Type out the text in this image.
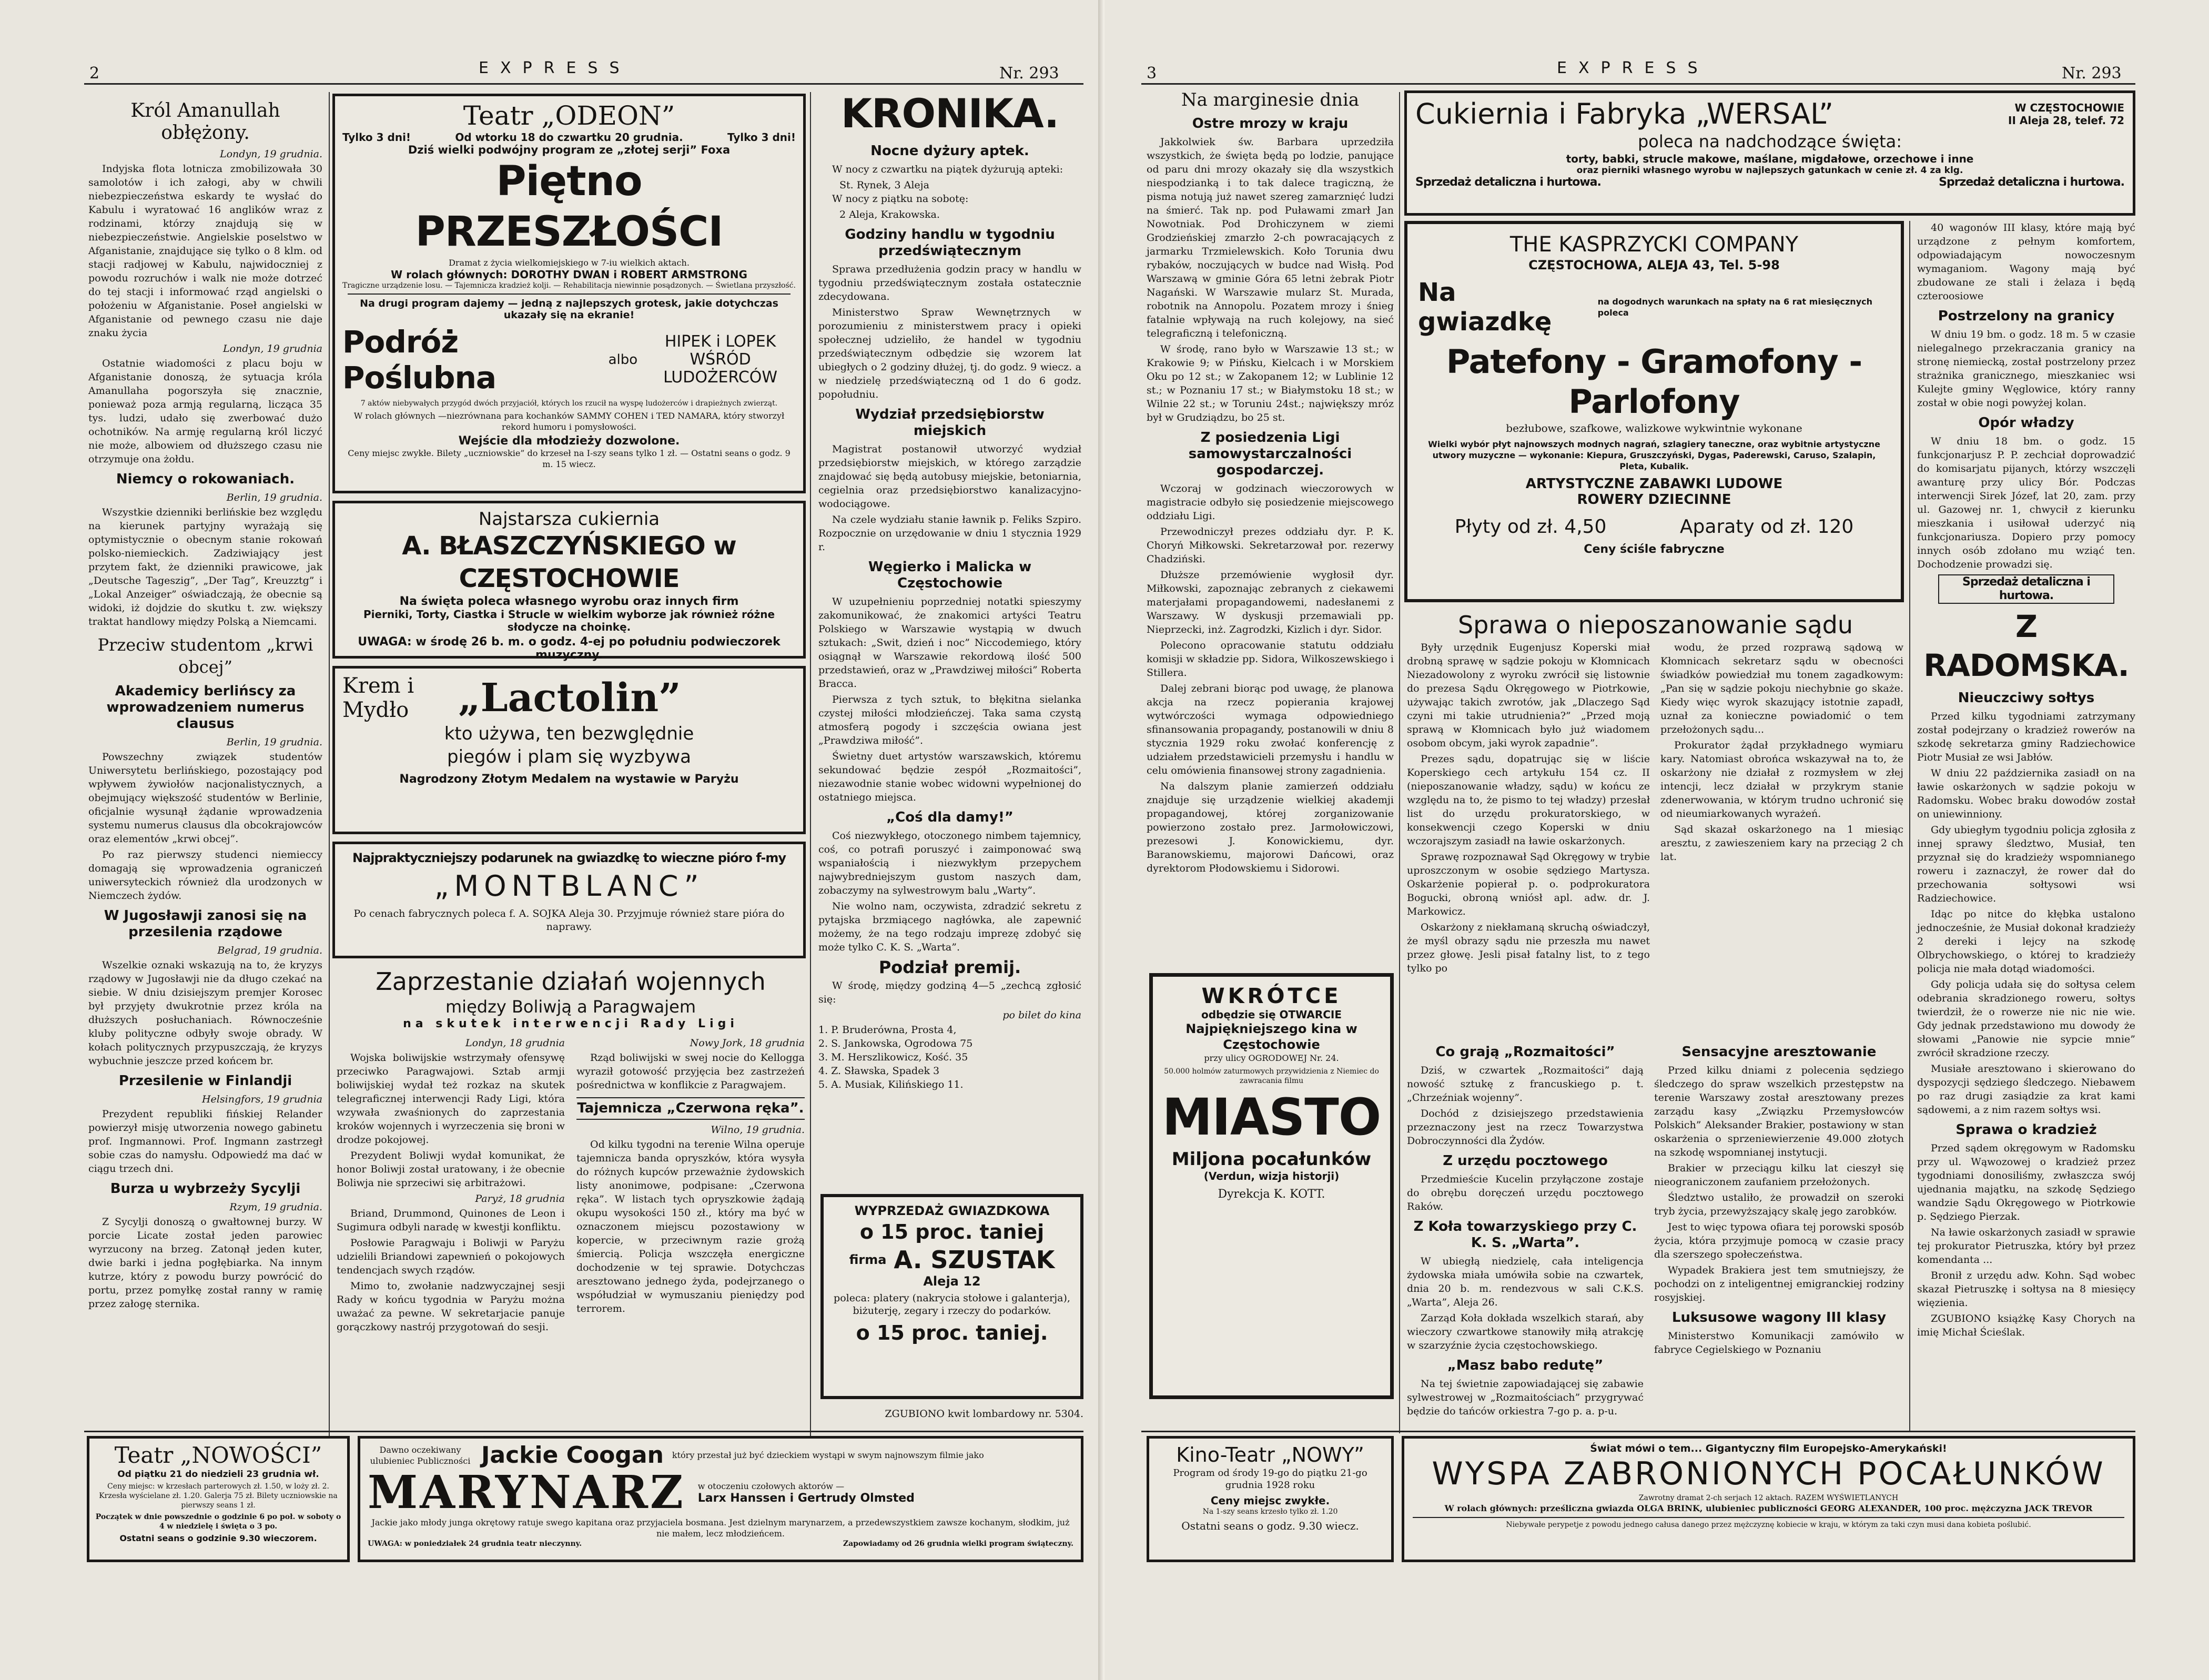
2	EXPRESS	Nr. 293
Król Amanullah obłężony.
Londyn, 19 grudnia.

Indyjska flota lotnicza zmobilizowała 30 samolotów i ich załogi, aby w chwili niebezpieczeństwa eskardy te wysłać do Kabulu i wyratować 16 anglików wraz z rodzinami, którzy znajdują się w niebezpieczeństwie. Angielskie poselstwo w Afganistanie, znajdujące się tylko o 8 klm. od stacji radjowej w Kabulu, najwidoczniej z powodu rozruchów i walk nie może dotrzeć do tej stacji i informować rząd angielski o położeniu w Afganistanie. Poseł angielski w Afganistanie od pewnego czasu nie daje znaku życia

Londyn, 19 grudnia

Ostatnie wiadomości z placu boju w Afganistanie donoszą, że sytuacja króla Amanullaha pogorszyła się znacznie, ponieważ poza armją regularną, licząca 35 tys. ludzi, udało się zwerbować dużo ochotników. Na armję regularną król liczyć nie może, albowiem od dłuższego czasu nie otrzymuje ona żołdu.

Niemcy o rokowaniach.
Berlin, 19 grudnia.

Wszystkie dzienniki berlińskie bez względu na kierunek partyjny wyrażają się optymistycznie o obecnym stanie rokowań polsko-niemieckich. Zadziwiający jest przytem fakt, że dzienniki prawicowe, jak „Deutsche Tageszig”, „Der Tag”, Kreuzztg” i „Lokal Anzeiger” oświadczają, że obecnie są widoki, iż dojdzie do skutku t. zw. większy traktat handlowy między Polską a Niemcami.

Przeciw studentom „krwi obcej”
Akademicy berlińscy za wprowadzeniem numerus clausus
Berlin, 19 grudnia.

Powszechny związek studentów Uniwersytetu berlińskiego, pozostający pod wpływem żywiołów nacjonalistycznych, a obejmujący większość studentów w Berlinie, oficjalnie wysunął żądanie wprowadzenia systemu numerus clausus dla obcokrajowców oraz elementów „krwi obcej”.

Po raz pierwszy studenci niemieccy domagają się wprowadzenia ograniczeń uniwersyteckich również dla urodzonych w Niemczech żydów.

W Jugosławji zanosi się na przesilenia rządowe
Belgrad, 19 grudnia.

Wszelkie oznaki wskazują na to, że kryzys rządowy w Jugosławji nie da długo czekać na siebie. W dniu dzisiejszym premjer Korosec był przyjęty dwukrotnie przez króla na dłuższych posłuchaniach. Równocześnie kluby polityczne odbyły swoje obrady. W kołach politycznych przypuszczają, że kryzys wybuchnie jeszcze przed końcem br.

Przesilenie w Finlandji
Helsingfors, 19 grudnia

Prezydent republiki fińskiej Relander powierzył misję utworzenia nowego gabinetu prof. Ingmannowi. Prof. Ingmann zastrzegł sobie czas do namysłu. Odpowiedź ma dać w ciągu trzech dni.

Burza u wybrzeży Sycylji
Rzym, 19 grudnia.

Z Sycylji donoszą o gwałtownej burzy. W porcie Licate został jeden parowiec wyrzucony na brzeg. Zatonął jeden kuter, dwie barki i jedna pogłębiarka. Na innym kutrze, który z powodu burzy powrócić do portu, przez pomyłkę został ranny w ramię przez załogę sternika.

Teatr „ODEON”
Tylko 3 dni!	Od wtorku 18 do czwartku 20 grudnia.	Tylko 3 dni!
Dziś wielki podwójny program ze „złotej serji” Foxa
Piętno PRZESZŁOŚCI
Dramat z życia wielkomiejskiego w 7-iu wielkich aktach.
W rolach głównych: DOROTHY DWAN i ROBERT ARMSTRONG
Tragiczne urządzenie losu. — Tajemnicza kradzież kolji. — Rehabilitacja niewinnie posądzonych. — Świetlana przyszłość.
Na drugi program dajemy — jedną z najlepszych grotesk, jakie dotychczas ukazały się na ekranie!
Podróż Poślubna	albo
HIPEK i LOPEK WŚRÓD LUDOŻERCÓW
7 aktów niebywałych przygód dwóch przyjaciół, których los rzucił na wyspę ludożerców i drapieżnych zwierząt.
W rolach głównych —niezrównana para kochanków SAMMY COHEN i TED NAMARA, który stworzył rekord humoru i pomysłowości.
Wejście dla młodzieży dozwolone.
Ceny miejsc zwykłe. Bilety „uczniowskie” do krzeseł na I-szy seans tylko 1 zł. — Ostatni seans o godz. 9 m. 15 wiecz.
Najstarsza cukiernia
A. BŁASZCZYŃSKIEGO w CZĘSTOCHOWIE
Na święta poleca własnego wyrobu oraz innych firm
Pierniki, Torty, Ciastka i Strucle w wielkim wyborze jak również różne słodycze na choinkę.
UWAGA: w środę 26 b. m. o godz. 4-ej po południu podwieczorek muzyczny.
Krem i Mydło	„Lactolin”
kto używa, ten bezwględnie
piegów i plam się wyzbywa
Nagrodzony Złotym Medalem na wystawie w Paryżu
Najpraktyczniejszy podarunek na gwiazdkę to wieczne pióro f-my
„MONTBLANC”
Po cenach fabrycznych poleca f. A. SOJKA Aleja 30. Przyjmuje również stare pióra do naprawy.
Zaprzestanie działań wojennych
między Boliwją a Paragwajem
na skutek interwencji Rady Ligi
Londyn, 18 grudnia

Wojska boliwijskie wstrzymały ofensywę przeciwko Paragwajowi. Sztab armji boliwijskiej wydał też rozkaz na skutek telegraficznej interwencji Rady Ligi, która wzywała zwaśnionych do zaprzestania kroków wojennych i wyrzeczenia się broni w drodze pokojowej.

Prezydent Boliwji wydał komunikat, że honor Boliwji został uratowany, i że obecnie Boliwja nie sprzeciwi się arbitrażowi.

Paryż, 18 grudnia

Briand, Drummond, Quinones de Leon i Sugimura odbyli naradę w kwestji konfliktu.

Posłowie Paragwaju i Boliwji w Paryżu udzielili Briandowi zapewnień o pokojowych tendencjach swych rządów.

Mimo to, zwołanie nadzwyczajnej sesji Rady w końcu tygodnia w Paryżu można uważać za pewne. W sekretarjacie panuje gorączkowy nastrój przygotowań do sesji.

Nowy Jork, 18 grudnia

Rząd boliwijski w swej nocie do Kellogga wyraził gotowość przyjęcia bez zastrzeżeń pośrednictwa w konflikcie z Paragwajem.

Tajemnicza „Czerwona ręka”.
Wilno, 19 grudnia.

Od kilku tygodni na terenie Wilna operuje tajemnicza banda opryszków, która wysyła do różnych kupców przeważnie żydowskich listy anonimowe, podpisane: „Czerwona ręka”. W listach tych opryszkowie żądają okupu wysokości 150 zł., który ma być w oznaczonem miejscu pozostawiony w kopercie, w przeciwnym razie grożą śmiercią. Policja wszczęła energiczne dochodzenie w tej sprawie. Dotychczas aresztowano jednego żyda, podejrzanego o współudział w wymuszaniu pieniędzy pod terrorem.

KRONIKA.
Nocne dyżury aptek.

W nocy z czwartku na piątek dyżurują apteki:

St. Rynek, 3 Aleja

W nocy z piątku na sobotę:

2 Aleja, Krakowska.
Godziny handlu w tygodniu przedświątecznym

Sprawa przedłużenia godzin pracy w handlu w tygodniu przedświątecznym została ostatecznie zdecydowana.

Ministerstwo Spraw Wewnętrznych w porozumieniu z ministerstwem pracy i opieki społecznej udzieliło, że handel w tygodniu przedświątecznym odbędzie się wzorem lat ubiegłych o 2 godziny dłużej, tj. do godz. 9 wiecz. a w niedzielę przedświąteczną od 1 do 6 godz. popołudniu.

Wydział przedsiębiorstw miejskich

Magistrat postanowił utworzyć wydział przedsiębiorstw miejskich, w którego zarządzie znajdować się będą autobusy miejskie, betoniarnia, cegielnia oraz przedsiębiorstwo kanalizacyjno-wodociągowe.

Na czele wydziału stanie ławnik p. Feliks Szpiro. Rozpocznie on urzędowanie w dniu 1 stycznia 1929 r.

Węgierko i Malicka w Częstochowie

W uzupełnieniu poprzedniej notatki spieszymy zakomunikować, że znakomici artyści Teatru Polskiego w Warszawie wystąpią w dwuch sztukach: „Swit, dzień i noc” Niccodemiego, który osiągnął w Warszawie rekordową ilość 500 przedstawień, oraz w „Prawdziwej miłości” Roberta Bracca.

Pierwsza z tych sztuk, to błękitna sielanka czystej miłości młodzieńczej. Taka sama czystą atmosferą pogody i szczęścia owiana jest „Prawdziwa miłość”.

Świetny duet artystów warszawskich, któremu sekundować będzie zespół „Rozmaitości”, niezawodnie stanie wobec widowni wypełnionej do ostatniego miejsca.

„Coś dla damy!”

Coś niezwykłego, otoczonego nimbem tajemnicy, coś, co potrafi poruszyć i zaimponować swą wspaniałością i niezwykłym przepychem najwybredniejszym gustom naszych dam, zobaczymy na sylwestrowym balu „Warty”.

Nie wolno nam, oczywista, zdradzić sekretu z pytajska brzmiącego nagłówka, ale zapewnić możemy, że na tego rodzaju imprezę zdobyć się może tylko C. K. S. „Warta”.

Podział premij.

W środę, między godziną 4—5 „zechcą zgłosić się:

po bilet do kina
1. P. Bruderówna, Prosta 4,
2. S. Jankowska, Ogrodowa 75
3. M. Herszlikowicz, Kość. 35
4. Z. Sławska, Spadek 3
5. A. Musiak, Kilińskiego 11.
WYPRZEDAŻ GWIAZDKOWA
o 15 proc. taniej
firma A. SZUSTAK
Aleja 12
poleca: platery (nakrycia stołowe i galanterja), biżuterję, zegary i rzeczy do podarków.
o 15 proc. taniej.
ZGUBIONO kwit lombardowy nr. 5304.
Teatr „NOWOŚCI”
Od piątku 21 do niedzieli 23 grudnia wł.
Ceny miejsc: w krzesłach parterowych zł. 1.50, w loży zł. 2. Krzesła wyścielane zł. 1.20. Galerja 75 zł. Bilety uczniowskie na pierwszy seans 1 zł.
Początek w dnie powszednie o godzinie 6 po poł. w soboty o 4 w niedzielę i święta o 3 po.
Ostatni seans o godzinie 9.30 wieczorem.
Dawno oczekiwany ulubieniec Publiczności Jackie Coogan który przestał już być dzieckiem wystąpi w swym najnowszym filmie jako
MARYNARZ w otoczeniu czołowych aktorów —
Larx Hanssen i Gertrudy Olmsted
Jackie jako młody junga okrętowy ratuje swego kapitana oraz przyjaciela bosmana. Jest dzielnym marynarzem, a przedewszystkiem zawsze kochanym, słodkim, już nie małem, lecz młodzieńcem.
UWAGA: w poniedziałek 24 grudnia teatr nieczynny.	Zapowiadamy od 26 grudnia wielki program świąteczny.
3	EXPRESS	Nr. 293
Na marginesie dnia
Ostre mrozy w kraju

Jakkolwiek św. Barbara uprzedziła wszystkich, że święta będą po lodzie, panujące od paru dni mrozy okazały się dla wszystkich niespodzianką i to tak dalece tragiczną, że pisma notują już nawet szereg zamarznięć ludzi na śmierć. Tak np. pod Puławami zmarł Jan Nowotniak. Pod Drohiczynem w ziemi Grodzieńskiej zmarzło 2-ch powracających z jarmarku Trzmielewskich. Koło Torunia dwu rybaków, noczujących w budce nad Wisłą. Pod Warszawą w gminie Góra 65 letni żebrak Piotr Nagański. W Warszawie mularz St. Murada, robotnik na Annopolu. Pozatem mrozy i śnieg fatalnie wpływają na ruch kolejowy, na sieć telegraficzną i telefoniczną.

W środę, rano było w Warszawie 13 st.; w Krakowie 9; w Pińsku, Kielcach i w Morskiem Oku po 12 st.; w Zakopanem 12; w Lublinie 12 st.; w Poznaniu 17 st.; w Białymstoku 18 st.; w Wilnie 22 st.; w Toruniu 24st.; największy mróz był w Grudziądzu, bo 25 st.

Z posiedzenia Ligi samowystarczalności gospodarczej.

Wczoraj w godzinach wieczorowych w magistracie odbyło się posiedzenie miejscowego oddziału Ligi.

Przewodniczył prezes oddziału dyr. P. K. Choryń Miłkowski. Sekretarzował por. rezerwy Chadziński.

Dłuższe przemówienie wygłosił dyr. Miłkowski, zapoznając zebranych z ciekawemi materjałami propagandowemi, nadesłanemi z Warszawy. W dyskusji przemawiali pp. Nieprzecki, inż. Zagrodzki, Kizlich i dyr. Sidor.

Polecono opracowanie statutu oddziału komisji w składzie pp. Sidora, Wilkoszewskiego i Stillera.

Dalej zebrani biorąc pod uwagę, że planowa akcja na rzecz popierania krajowej wytwórczości wymaga odpowiedniego sfinansowania propagandy, postanowili w dniu 8 stycznia 1929 roku zwołać konferencję z udziałem przedstawicieli przemysłu i handlu w celu omówienia finansowej strony zagadnienia.

Na dalszym planie zamierzeń oddziału znajduje się urządzenie wielkiej akademji propagandowej, której zorganizowanie powierzono zostało prez. Jarmołowiczowi, prezesowi J. Konowickiemu, dyr. Baranowskiemu, majorowi Dańcowi, oraz dyrektorom Płodowskiemu i Sidorowi.

Cukiernia i Fabryka „WERSAL”	W CZĘSTOCHOWIE
II Aleja 28, telef. 72
poleca na nadchodzące święta:
torty, babki, strucle makowe, maślane, migdałowe, orzechowe i inne
oraz pierniki własnego wyrobu w najlepszych gatunkach w cenie zł. 4 za klg.
Sprzedaż detaliczna i hurtowa.	Sprzedaż detaliczna i hurtowa.
THE KASPRZYCKI COMPANY
CZĘSTOCHOWA, ALEJA 43, Tel. 5-98
Na gwiazdkę
na dogodnych warunkach na spłaty na 6 rat miesięcznych poleca
Patefony - Gramofony - Parlofony
bezłubowe, szafkowe, walizkowe wykwintnie wykonane
Wielki wybór płyt najnowszych modnych nagrań, szlagiery taneczne, oraz wybitnie artystyczne utwory muzyczne — wykonanie: Kiepura, Gruszczyński, Dygas, Paderewski, Caruso, Szalapin, Pleta, Kubalik.
ARTYSTYCZNE ZABAWKI LUDOWE
ROWERY DZIECINNE
Płyty od zł. 4,50	Aparaty od zł. 120
Ceny ściśle fabryczne
Sprawa o nieposzanowanie sądu

Były urzędnik Eugenjusz Koperski miał drobną sprawę w sądzie pokoju w Kłomnicach Niezadowolony z wyroku zwrócił się listownie do prezesa Sądu Okręgowego w Piotrkowie, używając takich zwrotów, jak „Dlaczego Sąd czyni mi takie utrudnienia?” „Przed moją sprawą w Kłomnicach było już wiadomem osobom obcym, jaki wyrok zapadnie”.

Prezes sądu, dopatrując się w liście Koperskiego cech artykułu 154 cz. II (nieposzanowanie władzy, sądu) w końcu ze względu na to, że pismo to tej władzy) przesłał list do urzędu prokuratorskiego, w konsekwencji czego Koperski w dniu wczorajszym zasiadł na ławie oskarżonych.

Sprawę rozpoznawał Sąd Okręgowy w trybie uproszczonym w osobie sędziego Martysza. Oskarżenie popierał p. o. podprokuratora Bogucki, obroną wniósł apl. adw. dr. J. Markowicz.

Oskarżony z niekłamaną skruchą oświadczył, że myśl obrazy sądu nie przeszła mu nawet przez głowę. Jesli pisał fatalny list, to z tego tylko po

wodu, że przed rozprawą sądową w Kłomnicach sekretarz sądu w obecności świadków powiedział mu tonem zagadkowym: „Pan się w sądzie pokoju niechybnie go skaże. Kiedy więc wyrok skazujący istotnie zapadł, uznał za konieczne powiadomić o tem przełożonych sądu...

Prokurator żądał przykładnego wymiaru kary. Natomiast obrońca wskazywał na to, że oskarżony nie działał z rozmysłem w złej intencji, lecz działał w przykrym stanie zdenerwowania, w którym trudno uchronić się od nieumiarkowanych wyrażeń.

Sąd skazał oskarżonego na 1 miesiąc aresztu, z zawieszeniem kary na przeciąg 2 ch lat.

WKRÓTCE
odbędzie się OTWARCIE
Najpiękniejszego kina w Częstochowie
przy ulicy OGRODOWEJ Nr. 24.
50.000 holmów zaturmowych przywidzienia z Niemiec do zawracania filmu
MIASTO
Miljona pocałunków
(Verdun, wizja historji)
Dyrekcja K. KOTT.
Co grają „Rozmaitości”

Dziś, w czwartek „Rozmaitości” dają nowość sztukę z francuskiego p. t. „Chrzeźniak wojenny”.

Dochód z dzisiejszego przedstawienia przeznaczony jest na rzecz Towarzystwa Dobroczynności dla Żydów.

Z urzędu pocztowego

Przedmieście Kucelin przyłączone zostaje do obrębu doręczeń urzędu pocztowego Raków.

Z Koła towarzyskiego przy C. K. S. „Warta”.

W ubiegłą niedzielę, cała inteligencja żydowska miała umówiła sobie na czwartek, dnia 20 b. m. rendezvous w sali C.K.S. „Warta”, Aleja 26.

Zarząd Koła dokłada wszelkich starań, aby wieczory czwartkowe stanowiły miłą atrakcję w szarzyźnie życia częstochowskiego.

„Masz babo redutę”

Na tej świetnie zapowiadającej się zabawie sylwestrowej w „Rozmaitościach” przygrywać będzie do tańców orkiestra 7-go p. a. p-u.

Sensacyjne aresztowanie

Przed kilku dniami z polecenia sędziego śledczego do spraw wszelkich przestępstw na terenie Warszawy został aresztowany prezes zarządu kasy „Związku Przemysłowców Polskich” Aleksander Brakier, postawiony w stan oskarżenia o sprzeniewierzenie 49.000 złotych na szkodę wspomnianej instytucji.

Brakier w przeciągu kilku lat cieszył się nieograniczonem zaufaniem przełożonych.

Śledztwo ustaliło, że prowadził on szeroki tryb życia, przewyższający skalę jego zarobków.

Jest to więc typowa ofiara tej porowski sposób życia, która przyjmuje pomocą w czasie pracy dla szerszego społeczeństwa.

Wypadek Brakiera jest tem smutniejszy, że pochodzi on z inteligentnej emigranckiej rodziny rosyjskiej.

Luksusowe wagony III klasy

Ministerstwo Komunikacji zamówiło w fabryce Cegielskiego w Poznaniu

40 wagonów III klasy, które mają być urządzone z pełnym komfortem, odpowiadającym nowoczesnym wymaganiom. Wagony mają być zbudowane ze stali i żelaza i będą czteroosiowe

Postrzelony na granicy

W dniu 19 bm. o godz. 18 m. 5 w czasie nielegalnego przekraczania granicy na stronę niemiecką, został postrzelony przez strażnika granicznego, mieszkaniec wsi Kulejte gminy Węglowice, który ranny został w obie nogi powyżej kolan.

Opór władzy

W dniu 18 bm. o godz. 15 funkcjonarjusz P. P. zechciał doprowadzić do komisarjatu pijanych, którzy wszczęli awanturę przy ulicy Bór. Podczas interwencji Sirek Józef, lat 20, zam. przy ul. Gazowej nr. 1, chwycił z kierunku mieszkania i usiłował uderzyć nią funkcjonariusza. Dopiero przy pomocy innych osób zdołano mu wziąć ten. Dochodzenie prowadzi się.

Sprzedaż detaliczna i hurtowa.
Z RADOMSKA.
Nieuczciwy sołtys

Przed kilku tygodniami zatrzymany został podejrzany o kradzież rowerów na szkodę sekretarza gminy Radziechowice Piotr Musiał ze wsi Jabłów.

W dniu 22 października zasiadł on na ławie oskarżonych w sądzie pokoju w Radomsku. Wobec braku dowodów został on uniewinniony.

Gdy ubiegłym tygodniu policja zgłosiła z innej sprawy śledztwo, Musiał, ten przyznał się do kradzieży wspomnianego roweru i zaznaczył, że rower dał do przechowania sołtysowi wsi Radziechowice.

Idąc po nitce do kłębka ustalono jednocześnie, że Musiał dokonał kradzieży 2 dereki i lejcy na szkodę Olbrychowskiego, o której to kradzieży policja nie mała dotąd wiadomości.

Gdy policja udała się do sołtysa celem odebrania skradzionego roweru, sołtys twierdził, że o rowerze nie nic nie wie. Gdy jednak przedstawiono mu dowody że słowami „Panowie nie sypcie mnie” zwrócił skradzione rzeczy.

Musiałe aresztowano i skierowano do dyspozycji sędziego śledczego. Niebawem po raz drugi zasiądzie za krat kami sądowemi, a z nim razem sołtys wsi.

Sprawa o kradzież

Przed sądem okręgowym w Radomsku przy ul. Wąwozowej o kradzież przez tygodniami donosiliśmy, zwłaszcza swój ujednania majątku, na szkodę Sędziego wandzie Sądu Okręgowego w Piotrkowie p. Sędziego Pierzak.

Na ławie oskarżonych zasiadł w sprawie tej prokurator Pietruszka, który był przez komendanta ...

Bronił z urzędu adw. Kohn. Sąd wobec skazał Pietruszkę i sołtysa na 8 miesięcy więzienia.

ZGUBIONO książkę Kasy Chorych na imię Michał Ścieślak.

Kino-Teatr „NOWY”
Program od środy 19-go do piątku 21-go grudnia 1928 roku
Ceny miejsc zwykłe.
Na 1-szy seans krzesło tylko zł. 1.20
Ostatni seans o godz. 9.30 wiecz.
Świat mówi o tem... Gigantyczny film Europejsko-Amerykański!
WYSPA ZABRONIONYCH POCAŁUNKÓW
Zawrotny dramat 2-ch serjach 12 aktach. RAZEM WYŚWIETLANYCH
W rolach głównych: prześliczna gwiazda OLGA BRINK, ulubieniec publiczności GEORG ALEXANDER, 100 proc. mężczyzna JACK TREVOR
Niebywałe perypetje z powodu jednego całusa danego przez mężczyznę kobiecie w kraju, w którym za taki czyn musi dana kobieta poślubić.
